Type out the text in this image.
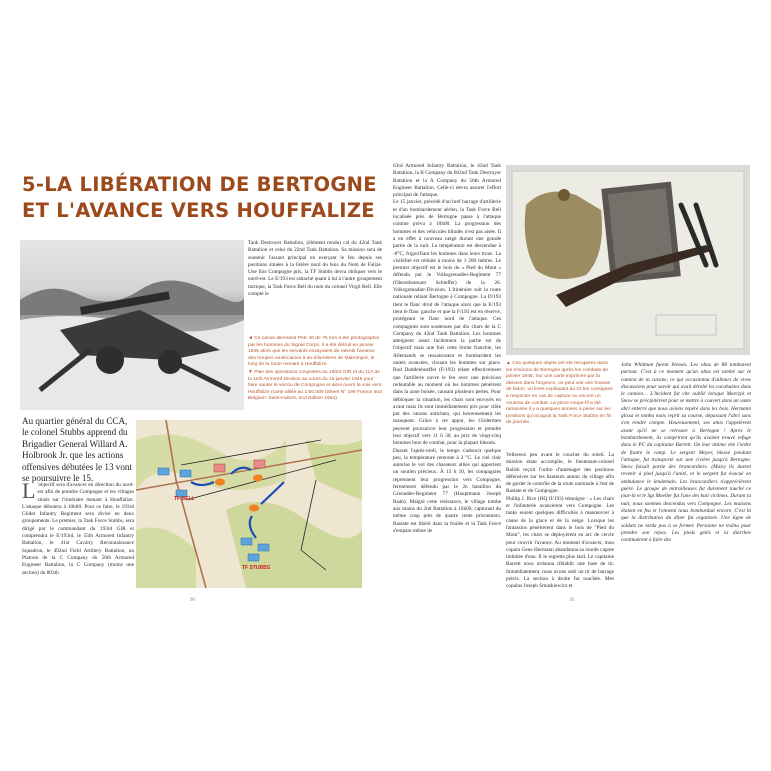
5-LA LIBÉRATION DE BERTOGNE
ET L'AVANCE VERS HOUFFALIZE
Tank Destroyer Battalion, (élément rendu) cal du 42nd Tank Battalion et celui du 22nd Tank Battalion. Sa mission sera de soutenir l'assaut principal en exerçant le feu depuis ses positions situées à la lisière nord du bois du Nom de Falize. Une fois Compogne pris, la TF Stubbs devra obliquer vers le nord-est. Le E/193 est rattaché quant à lui à l'autre groupement tactique, la Task Force Bell du nom du colonel Virgil Bell. Elle compte le
◄ Ce canon allemand PAK 40 de 75 mm a été photographié par les hommes du Signal Corps. Il a été détruit en janvier 1945 alors que les servants essayaient de ralentir l'avance des troupes américaines à six kilomètres de Mabompré, le long de la route menant à Houffalize.
▼ Plan des opérations conjointes du 193rd GIR et du 11A de la 11th Armored Division au cours du 15 janvier 1945 pour faire sauter le verrou de Compogne et ainsi ouvrir la voie vers Houffalize (carte alliée au 1:50.000 (Sheet N° 199 France and Belgium: Saint-Hubert, 2nd Edition 1944).
Au quartier général du CCA, le colonel Stubbs apprend du Brigadier General Willard A. Holbrook Jr. que les actions offensives débutées le 13 vont se poursuivre le 15.
L 'objectif sera d'avancer en direction du nord-est afin de prendre Compogne et les villages situés sur l'itinéraire menant à Houffalize. L'attaque débutera à 10h00. Pour ce faire, le 193rd Glider Infantry Regiment sera divisé en deux groupements. Le premier, la Task Force Stubbs, sera dirigé par le commandant du 193rd GIR et comprendra le E/193rd, le 55th Armored Infantry Battalion, le 41st Cavalry Reconnaissance Squadron, le 492nd Field Artillery Battalion, un Platoon de la C Company du 56th Armored Engineer Battalion, la C Company (moins une section) du 803th
TF BELL
TF STUBBS
90
63rd Armored Infantry Battalion, le 42nd Tank Battalion, la B Company du 602nd Tank Destroyer Battalion et la A Company du 56th Armored Engineer Battalion. Celle-ci devra assurer l'effort principal de l'attaque.
Le 15 janvier, précédé d'un bref barrage d'artillerie et d'un bombardement aérien, la Task Force Bell localisée près de Bertogne passe à l'attaque comme prévu à 10h00. La progression des hommes et des véhicules blindés n'est pas aisée. Il a en effet à nouveau neigé durant une grande partie de la nuit. La température est descendue à -8°C, frigorifiant les hommes dans leurs trous. La visibilité est réduite à moins de 1 200 mètres. Le premier objectif est le bois du « Pied du Mont » défendu par le Volksgrenadier-Regiment 77 (Oberstleutnant Schieffer) de la 26. Volksgrenadier-Division. L'itinéraire suit la route nationale reliant Bertogne à Compogne. La D/193 tient le flanc droit de l'attaque alors que la E/193 tient le flanc gauche et que la F/193 est en réserve, protégeant le flanc nord de l'attaque. Ces compagnies sont soutenues par dix chars de la C Company du 42nd Tank Battalion. Les hommes atteignent assez facilement la partie est de l'objectif mais une fois cette limite franchie, les Allemands se ressaisissent et bombardent les unités avancées, clouant les hommes sur place. Bud Duddenhoeffer (F/193) relate effectivement que l'artillerie ouvre le feu avec une précision redoutable au moment où les hommes pénètrent dans la zone boisée, causant plusieurs pertes. Pour débloquer la situation, les chars sont envoyés en avant mais ils sont immédiatement pris pour cible par des canons antichars, qui heureusement les manquent. Grâce à cet appui, les Glidermen peuvent poursuivre leur progression et prendre leur objectif vers 11 h 30, au prix de vingt-cinq hommes hors de combat, pour la plupart blessés.
Durant l'après-midi, le temps s'adoucit quelque peu, la température remonte à 2 °C. Le ciel clair autorise le vol des chasseurs alliés qui apportent un soutien précieux. À 13 h 10, les compagnies reprennent leur progression vers Compogne, fermement défendu par le 2e bataillon du Grenadier-Regiment 77 (Hauptmann Joseph Raab). Malgré cette résistance, le village tombe aux mains du 2nd Battalion à 16h00, capturant du même coup près de quatre cents prisonniers. Rastate est libéré dans la foulée et la Task Force s'empare même de
▲ Ces quelques objets ont été récupérés dans les environs de Bertogne après les combats de janvier 1945. Sur une carte imprimée par la division dans l'urgence, on peut voir une housse de bidon, un livret expliquant au GI les consignes à respecter en cas de capture ou encore un couteau de combat. La pince coupe-fil a été ramassée il y a quelques années à peine sur les positions qu'occupait la Task Force Stubbs en fin de journée.
Vellereux peu avant le coucher du soleil. La mission étant accomplie, le lieutenant-colonel Balish reçoit l'ordre d'aménager des positions défensives sur les hauteurs autour du village afin de garder le contrôle de la route nationale à l'est de Rastate et de Compogne.
Phillip J. Rice (HQ II/193) témoigne : « Les chars et l'infanterie avancèrent vers Compogne. Les tanks eurent quelques difficultés à manœuvrer à cause de la glace et de la neige. Lorsque les fantassins pénétrèrent dans le bois de "Pied du Mont", les chars se déployèrent en arc de cercle pour couvrir l'avance. Au moment d'avancer, mon copain Gene Hermann abandonna sa lourde capote imbibée d'eau. Il le regretta plus tard. Le capitaine Barrett nous ordonna d'établir une base de tir. Immédiatement, nous avons subi un tir de barrage précis. La section à droite fut touchée. Mes copains Joseph Smuskiewicz et
John Whitman furent blessés. Les obus de 88 tombaient partout. C'est à ce moment qu'un obus est tombé sur le camion de la cuisine, ce qui occasionna d'ailleurs de vives discussions pour savoir qui avait dérobé les cacahuètes dans le camion… L'incident fut vite oublié lorsque Marczyk et Snow se précipitèrent pour se mettre à couvert dans un vaste abri enterré que nous avions repéré dans les bois. Hermann glissa et tomba mais reprit sa course, dépassant l'abri sans s'en rendre compte. Heureusement, ses amis l'appelèrent avant qu'il ne se retrouve à Bertogne ! Après le bombardement, ils comprirent qu'ils avaient trouvé refuge dans le PC du capitaine Barrett. On leur intima vite l'ordre de foutre le camp. Le sergent Mayer, blessé pendant l'attaque, fut transporté sur une civière jusqu'à Bertogne. Snow faisait partie des brancardiers. (Mais) ils durent revenir à pied jusqu'à l'unité, et le sergent fut évacué en ambulance le lendemain. Les brancardiers n'apprécièrent guère. Le groupe de mitrailleuses fut durement touché ce jour-là et le Sgt Moeller fut l'une des huit victimes. Durant la nuit, nous sommes descendus vers Compogne. Les maisons étaient en feu et l'ennemi nous bombardait encore. C'est là que la distribution du dîner fut organisée. Une ligne de soldats ne tarda pas à se former. Personne ne traîna pour prendre son repas. Les pieds gelés et la diarrhée continuèrent à faire des
91
